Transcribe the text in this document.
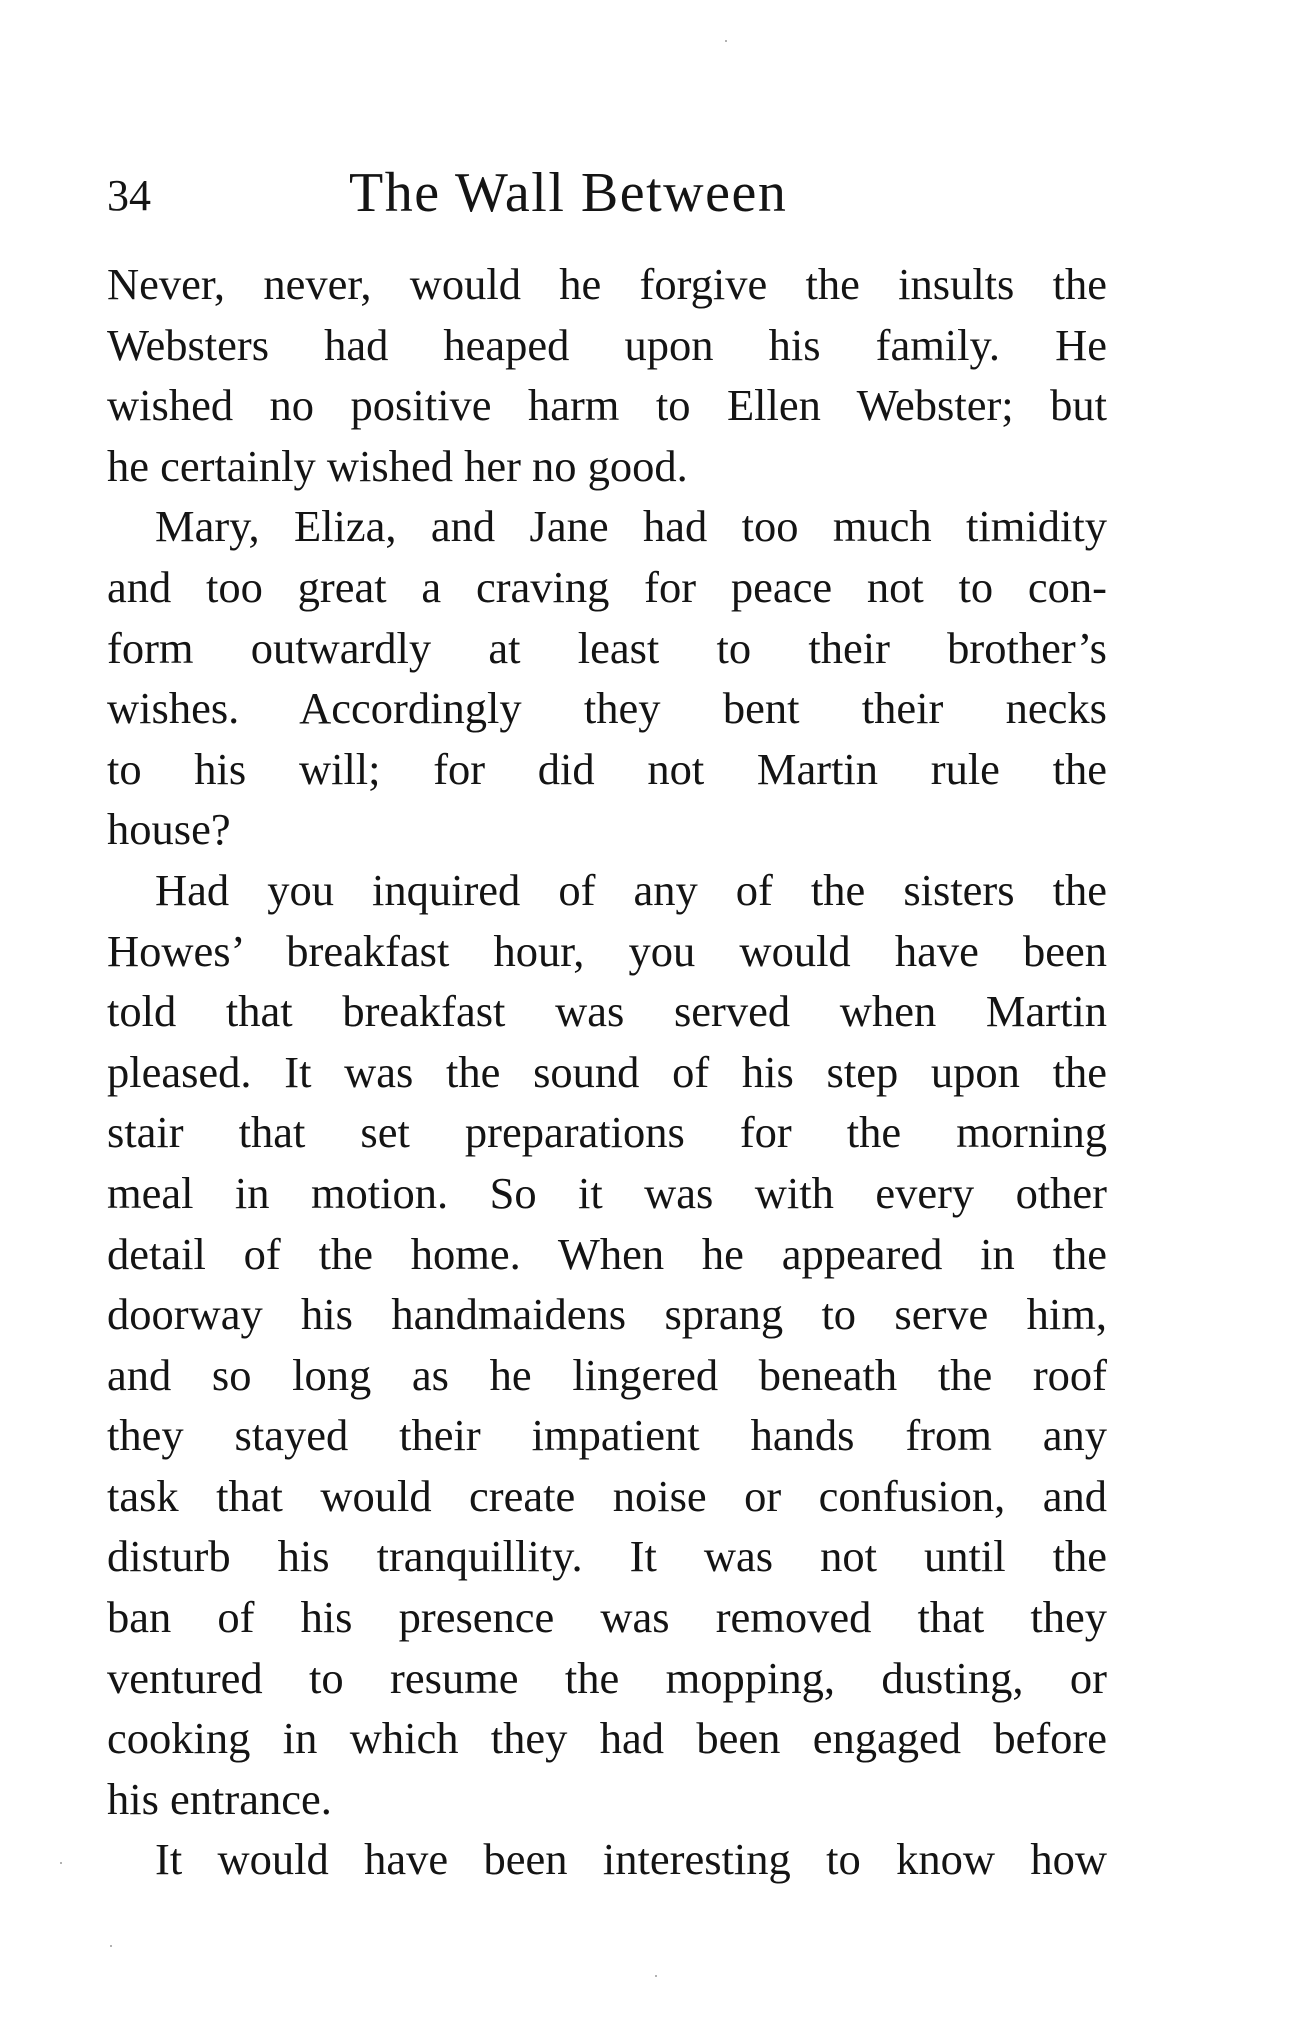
34	The Wall Between
Never, never, would he forgive the insults the
Websters had heaped upon his family. He
wished no positive harm to Ellen Webster; but
he certainly wished her no good.
Mary, Eliza, and Jane had too much timidity
and too great a craving for peace not to con-
form outwardly at least to their brother’s
wishes. Accordingly they bent their necks
to his will; for did not Martin rule the
house?
Had you inquired of any of the sisters the
Howes’ breakfast hour, you would have been
told that breakfast was served when Martin
pleased. It was the sound of his step upon the
stair that set preparations for the morning
meal in motion. So it was with every other
detail of the home. When he appeared in the
doorway his handmaidens sprang to serve him,
and so long as he lingered beneath the roof
they stayed their impatient hands from any
task that would create noise or confusion, and
disturb his tranquillity. It was not until the
ban of his presence was removed that they
ventured to resume the mopping, dusting, or
cooking in which they had been engaged before
his entrance.
It would have been interesting to know how
